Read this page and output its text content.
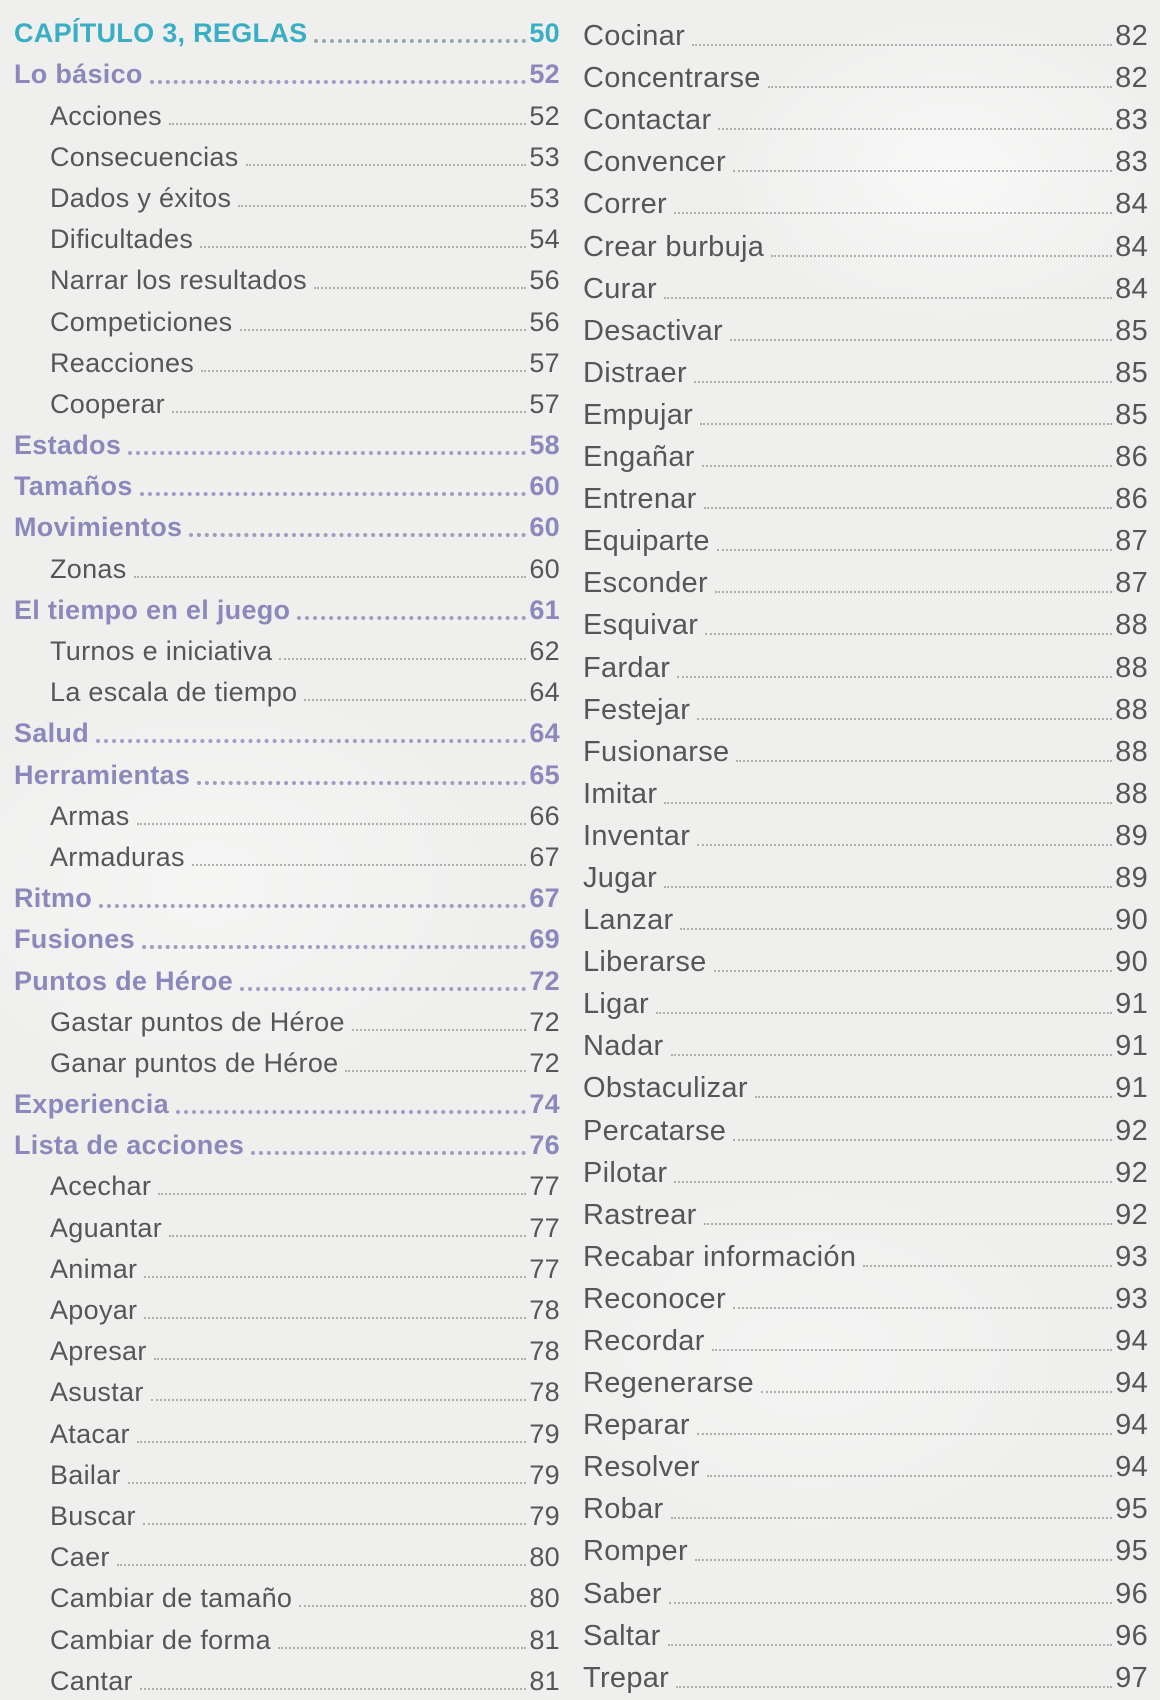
CAPÍTULO 3, REGLAS	50
Lo básico	52
Acciones	52
Consecuencias	53
Dados y éxitos	53
Dificultades	54
Narrar los resultados	56
Competiciones	56
Reacciones	57
Cooperar	57
Estados	58
Tamaños	60
Movimientos	60
Zonas	60
El tiempo en el juego	61
Turnos e iniciativa	62
La escala de tiempo	64
Salud	64
Herramientas	65
Armas	66
Armaduras	67
Ritmo	67
Fusiones	69
Puntos de Héroe	72
Gastar puntos de Héroe	72
Ganar puntos de Héroe	72
Experiencia	74
Lista de acciones	76
Acechar	77
Aguantar	77
Animar	77
Apoyar	78
Apresar	78
Asustar	78
Atacar	79
Bailar	79
Buscar	79
Caer	80
Cambiar de tamaño	80
Cambiar de forma	81
Cantar	81
Cocinar	82
Concentrarse	82
Contactar	83
Convencer	83
Correr	84
Crear burbuja	84
Curar	84
Desactivar	85
Distraer	85
Empujar	85
Engañar	86
Entrenar	86
Equiparte	87
Esconder	87
Esquivar	88
Fardar	88
Festejar	88
Fusionarse	88
Imitar	88
Inventar	89
Jugar	89
Lanzar	90
Liberarse	90
Ligar	91
Nadar	91
Obstaculizar	91
Percatarse	92
Pilotar	92
Rastrear	92
Recabar información	93
Reconocer	93
Recordar	94
Regenerarse	94
Reparar	94
Resolver	94
Robar	95
Romper	95
Saber	96
Saltar	96
Trepar	97
